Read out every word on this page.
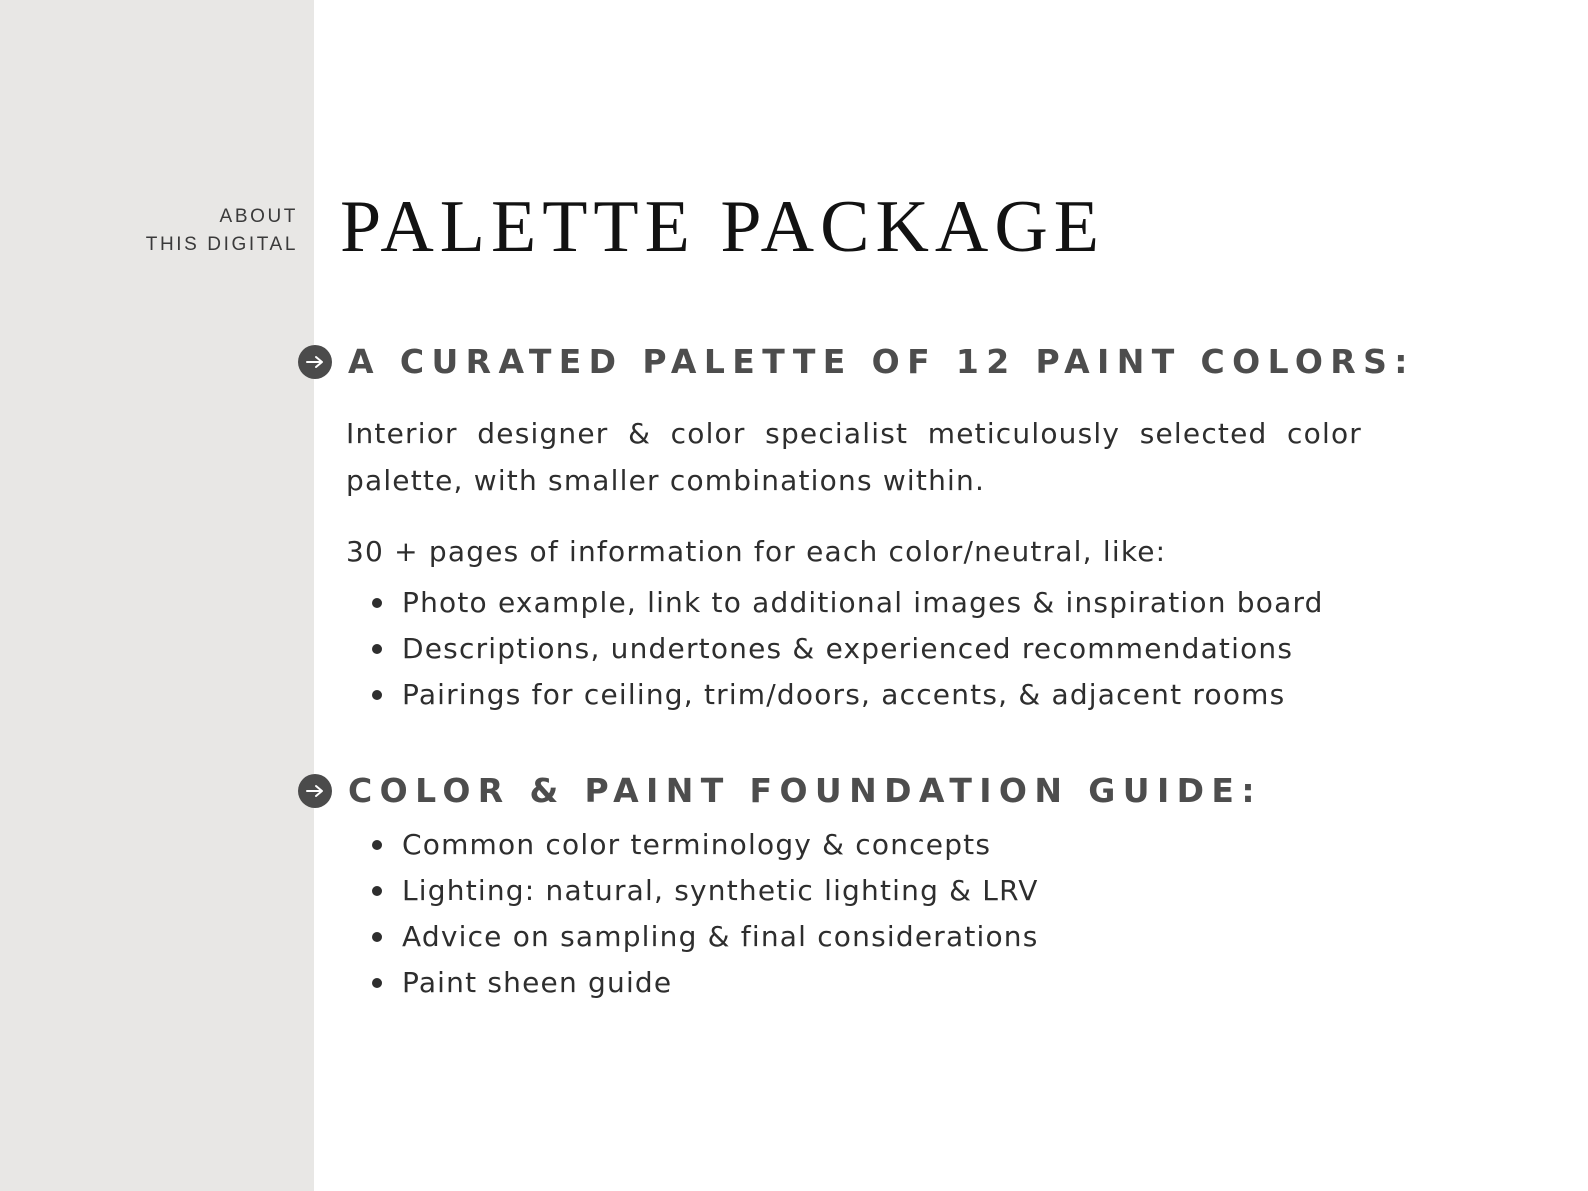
ABOUT
THIS DIGITAL PALETTE PACKAGE
A CURATED PALETTE OF 12 PAINT COLORS:
Interior designer & color specialist meticulously selected color palette, with smaller combinations within.
30 + pages of information for each color/neutral, like:
Photo example, link to additional images & inspiration board
Descriptions, undertones & experienced recommendations
Pairings for ceiling, trim/doors, accents, & adjacent rooms
COLOR & PAINT FOUNDATION GUIDE:
Common color terminology & concepts
Lighting: natural, synthetic lighting & LRV
Advice on sampling & final considerations
Paint sheen guide
